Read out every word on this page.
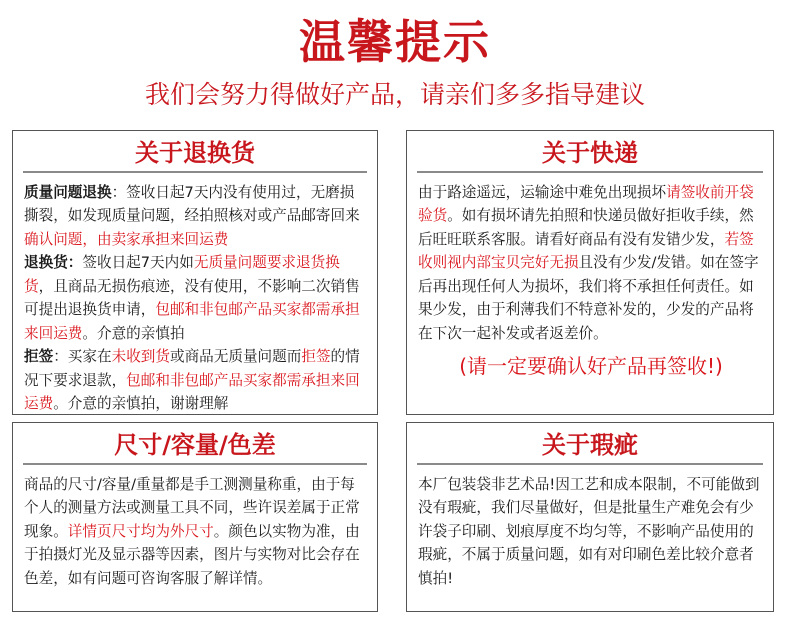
温馨提示
我们会努力得做好产品，请亲们多多指导建议
关于退换货
质量问题退换：签收日起7天内没有使用过，无磨损撕裂，如发现质量问题，经拍照核对或产品邮寄回来确认问题，由卖家承担来回运费
退换货：签收日起7天内如无质量问题要求退货换货，且商品无损伤痕迹，没有使用，不影响二次销售可提出退换货申请，包邮和非包邮产品买家都需承担来回运费。介意的亲慎拍
拒签：买家在未收到货或商品无质量问题而拒签的情况下要求退款，包邮和非包邮产品买家都需承担来回运费。介意的亲慎拍，谢谢理解
关于快递
由于路途遥远，运输途中难免出现损坏请签收前开袋验货。如有损坏请先拍照和快递员做好拒收手续，然后旺旺联系客服。请看好商品有没有发错少发，若签收则视内部宝贝完好无损且没有少发/发错。如在签字后再出现任何人为损坏，我们将不承担任何责任。如果少发，由于利薄我们不特意补发的，少发的产品将在下次一起补发或者返差价。
(请一定要确认好产品再签收!)
尺寸/容量/色差
商品的尺寸/容量/重量都是手工测测量称重，由于每个人的测量方法或测量工具不同，些许误差属于正常现象。详情页尺寸均为外尺寸。颜色以实物为准，由于拍摄灯光及显示器等因素，图片与实物对比会存在色差，如有问题可咨询客服了解详情。
关于瑕疵
本厂包装袋非艺术品!因工艺和成本限制，不可能做到没有瑕疵，我们尽量做好，但是批量生产难免会有少许袋子印刷、划痕厚度不均匀等，不影响产品使用的瑕疵，不属于质量问题，如有对印刷色差比较介意者慎拍!
